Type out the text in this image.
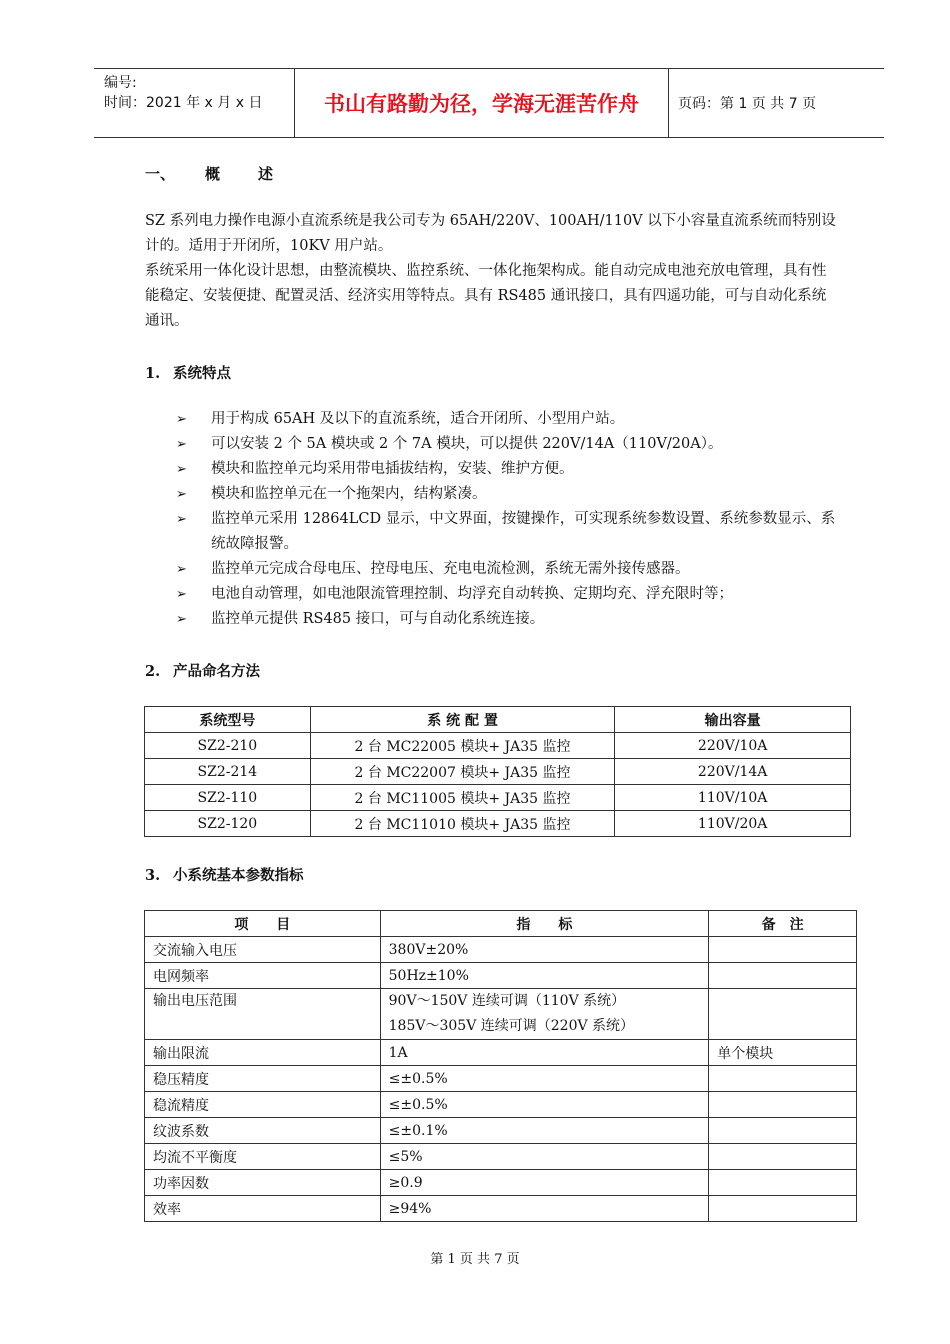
编号:
时间：2021 年 x 月 x 日	书山有路勤为径，学海无涯苦作舟	页码：第 1 页 共 7 页
一、 概	述
SZ 系列电力操作电源小直流系统是我公司专为 65AH/220V、100AH/110V 以下小容量直流系统而特别设计的。适用于开闭所，10KV 用户站。
系统采用一体化设计思想，由整流模块、监控系统、一体化拖架构成。能自动完成电池充放电管理，具有性能稳定、安装便捷、配置灵活、经济实用等特点。具有 RS485 通讯接口，具有四遥功能，可与自动化系统通讯。
1. 系统特点
➢ 用于构成 65AH 及以下的直流系统，适合开闭所、小型用户站。
➢ 可以安装 2 个 5A 模块或 2 个 7A 模块，可以提供 220V/14A（110V/20A）。
➢ 模块和监控单元均采用带电插拔结构，安装、维护方便。
➢ 模块和监控单元在一个拖架内，结构紧凑。
➢ 监控单元采用 12864LCD 显示，中文界面，按键操作，可实现系统参数设置、系统参数显示、系统故障报警。
➢ 监控单元完成合母电压、控母电压、充电电流检测，系统无需外接传感器。
➢ 电池自动管理，如电池限流管理控制、均浮充自动转换、定期均充、浮充限时等；
➢ 监控单元提供 RS485 接口，可与自动化系统连接。
2. 产品命名方法
系统型号	系 统 配 置	输出容量
SZ2-210	2 台 MC22005 模块+ JA35 监控	220V/10A
SZ2-214	2 台 MC22007 模块+ JA35 监控	220V/14A
SZ2-110	2 台 MC11005 模块+ JA35 监控	110V/10A
SZ2-120	2 台 MC11010 模块+ JA35 监控	110V/20A
3. 小系统基本参数指标
项　　目	指　　标	备　注
交流输入电压	380V±20%	
电网频率	50Hz±10%	
输出电压范围	90V～150V 连续可调（110V 系统）
185V～305V 连续可调（220V 系统）	

输出限流	1A	单个模块
稳压精度	≤±0.5%	
稳流精度	≤±0.5%	
纹波系数	≤±0.1%	
均流不平衡度	≤5%	
功率因数	≥0.9	
效率	≥94%	
第 1 页 共 7 页
